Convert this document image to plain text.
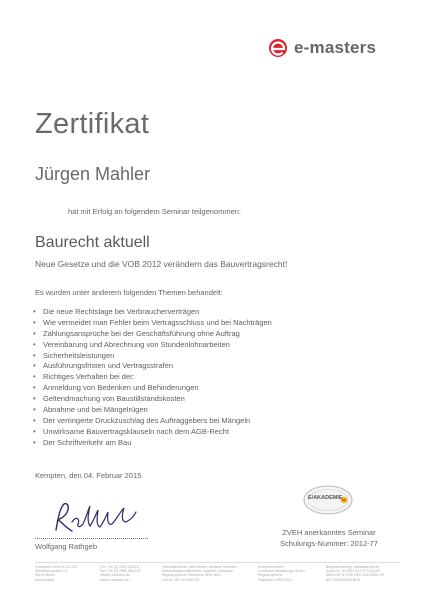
e-masters
Zertifikat
Jürgen Mahler
hat mit Erfolg an folgendem Seminar teilgenommen:
Baurecht aktuell
Neue Gesetze und die VOB 2012 verändern das Bauvertragsrecht!
Es wurden unter anderem folgenden Themen behandelt:
• Die neue Rechtslage bei Verbraucherverträgen
• Wie vermeidet man Fehler beim Vertragsschluss und bei Nachträgen
• Zahlungsansprüche bei der Geschäftsführung ohne Auftrag
• Vereinbarung und Abrechnung von Stundenlohnarbeiten
• Sicherheitsleistungen
• Ausführungsfristen und Vertragsstrafen
• Richtiges Verhalten bei der:
• Anmeldung von Bedenken und Behinderungen
• Geltendmachung von Baustillstandskosten
• Abnahme und bei Mängelrügen
• Der verringerte Druckzuschlag des Auftraggebers bei Mängeln
• Unwirksame Bauvertragsklauseln nach dem AGB-Recht
• Der Schriftverkehr am Bau
Kempten, den 04. Februar 2015
Wolfgang Rathgeb
E/AKADEMIE
ZVEH anerkanntes Seminar
Schulungs-Nummer: 2012-77
e-masters GmbH & Co. KG
Weinbrunnstraße 1/1
33142 Büren
Deutschland
Fon +49 (0) 2951 9318-0
Fax +49 (0) 2951 9318-20
info@e-masters.de
www.e-masters.de
Geschäftsführer: Jens Elsner, Andreas Heimann
Aufsichtsratsvorsitzender: Joachim Holzhauer
Registergericht: Paderborn HRA 4522
USt-ID: DE 210 845 931
Komplementärin:
e-masters Verwaltungs GmbH
Registergericht:
Paderborn HRB 4523
Bankverbindung: Volksbank Büren
Konto-Nr. 44 8451 BLZ 472 615 00
IBAN DE78 4726 1500 0044 8451 00
BIC GENODEM1BUS
